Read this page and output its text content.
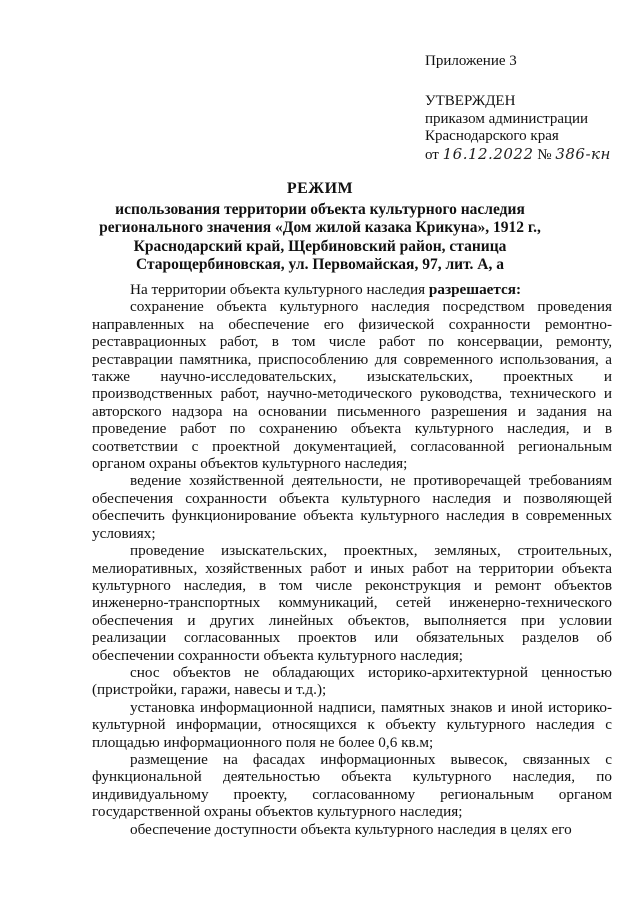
Приложение 3

УТВЕРЖДЕН
приказом администрации
Краснодарского края
от 16.12.2022 № 386-кн
РЕЖИМ
использования территории объекта культурного наследия регионального значения «Дом жилой казака Крикуна», 1912 г., Краснодарский край, Щербиновский район, станица Старощербиновская, ул. Первомайская, 97, лит. А, а

На территории объекта культурного наследия разрешается:

сохранение объекта культурного наследия посредством проведения направленных на обеспечение его физической сохранности ремонтно-реставрационных работ, в том числе работ по консервации, ремонту, реставрации памятника, приспособлению для современного использования, а также научно-исследовательских, изыскательских, проектных и производственных работ, научно-методического руководства, технического и авторского надзора на основании письменного разрешения и задания на проведение работ по сохранению объекта культурного наследия, и в соответствии с проектной документацией, согласованной региональным органом охраны объектов культурного наследия;

ведение хозяйственной деятельности, не противоречащей требованиям обеспечения сохранности объекта культурного наследия и позволяющей обеспечить функционирование объекта культурного наследия в современных условиях;

проведение изыскательских, проектных, земляных, строительных, мелиоративных, хозяйственных работ и иных работ на территории объекта культурного наследия, в том числе реконструкция и ремонт объектов инженерно-транспортных коммуникаций, сетей инженерно-технического обеспечения и других линейных объектов, выполняется при условии реализации согласованных проектов или обязательных разделов об обеспечении сохранности объекта культурного наследия;

снос объектов не обладающих историко-архитектурной ценностью (пристройки, гаражи, навесы и т.д.);

установка информационной надписи, памятных знаков и иной историко-культурной информации, относящихся к объекту культурного наследия с площадью информационного поля не более 0,6 кв.м;

размещение на фасадах информационных вывесок, связанных с функциональной деятельностью объекта культурного наследия, по индивидуальному проекту, согласованному региональным органом государственной охраны объектов культурного наследия;

обеспечение доступности объекта культурного наследия в целях его
